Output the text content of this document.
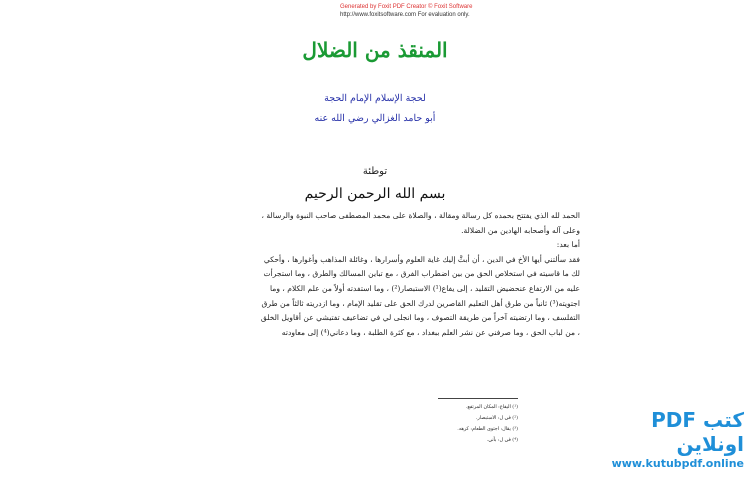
Generated by Foxit PDF Creator © Foxit Software
http://www.foxitsoftware.com For evaluation only.
المنقذ من الضلال
لحجة الإسلام الإمام الحجة
أبو حامد الغزالي رضي الله عنه
توطئة
بسم الله الرحمن الرحيم

الحمد لله الذي يفتتح بحمده كل رسالة ومقالة ، والصلاة على محمد المصطفى صاحب النبوة والرسالة ،

وعلى آله وأصحابه الهادين من الضلالة.

أما بعد:

فقد سألتني أيها الأخ في الدين ، أن أبثَّ إليك غاية العلوم وأسرارها ، وغائلة المذاهب وأغوارها ، وأحكي

لك ما قاسيته في استخلاص الحق من بين اضطراب الفرق ، مع تباين المسالك والطرق ، وما استجرأت

عليه من الارتفاع عنحضيض التقليد ، إلى يفاع(¹) الاستبصار(²) ، وما استفدته أولاً من علم الكلام ، وما

اجتويته(³) ثانياً من طرق أهل التعليم القاصرين لدرك الحق على تقليد الإمام ، وما ازدريته ثالثاً من طرق

التفلسف ، وما ارتضيته آخراً من طريقة التصوف ، وما انجلى لي في تضاعيف تفتيشي عن أقاويل الخلق

، من لباب الحق ، وما صرفني عن نشر العلم ببغداد ، مع كثرة الطلبة ، وما دعاني(⁴) إلى معاودته

(¹) اليفاع: المكان المرتفع.
(²) في ل: الاستبصار.
(³) يقال: اجتوى الطعام: كرهه.
(⁴) في ل: بأني.
كتب PDF اونلاين
www.kutubpdf.online
